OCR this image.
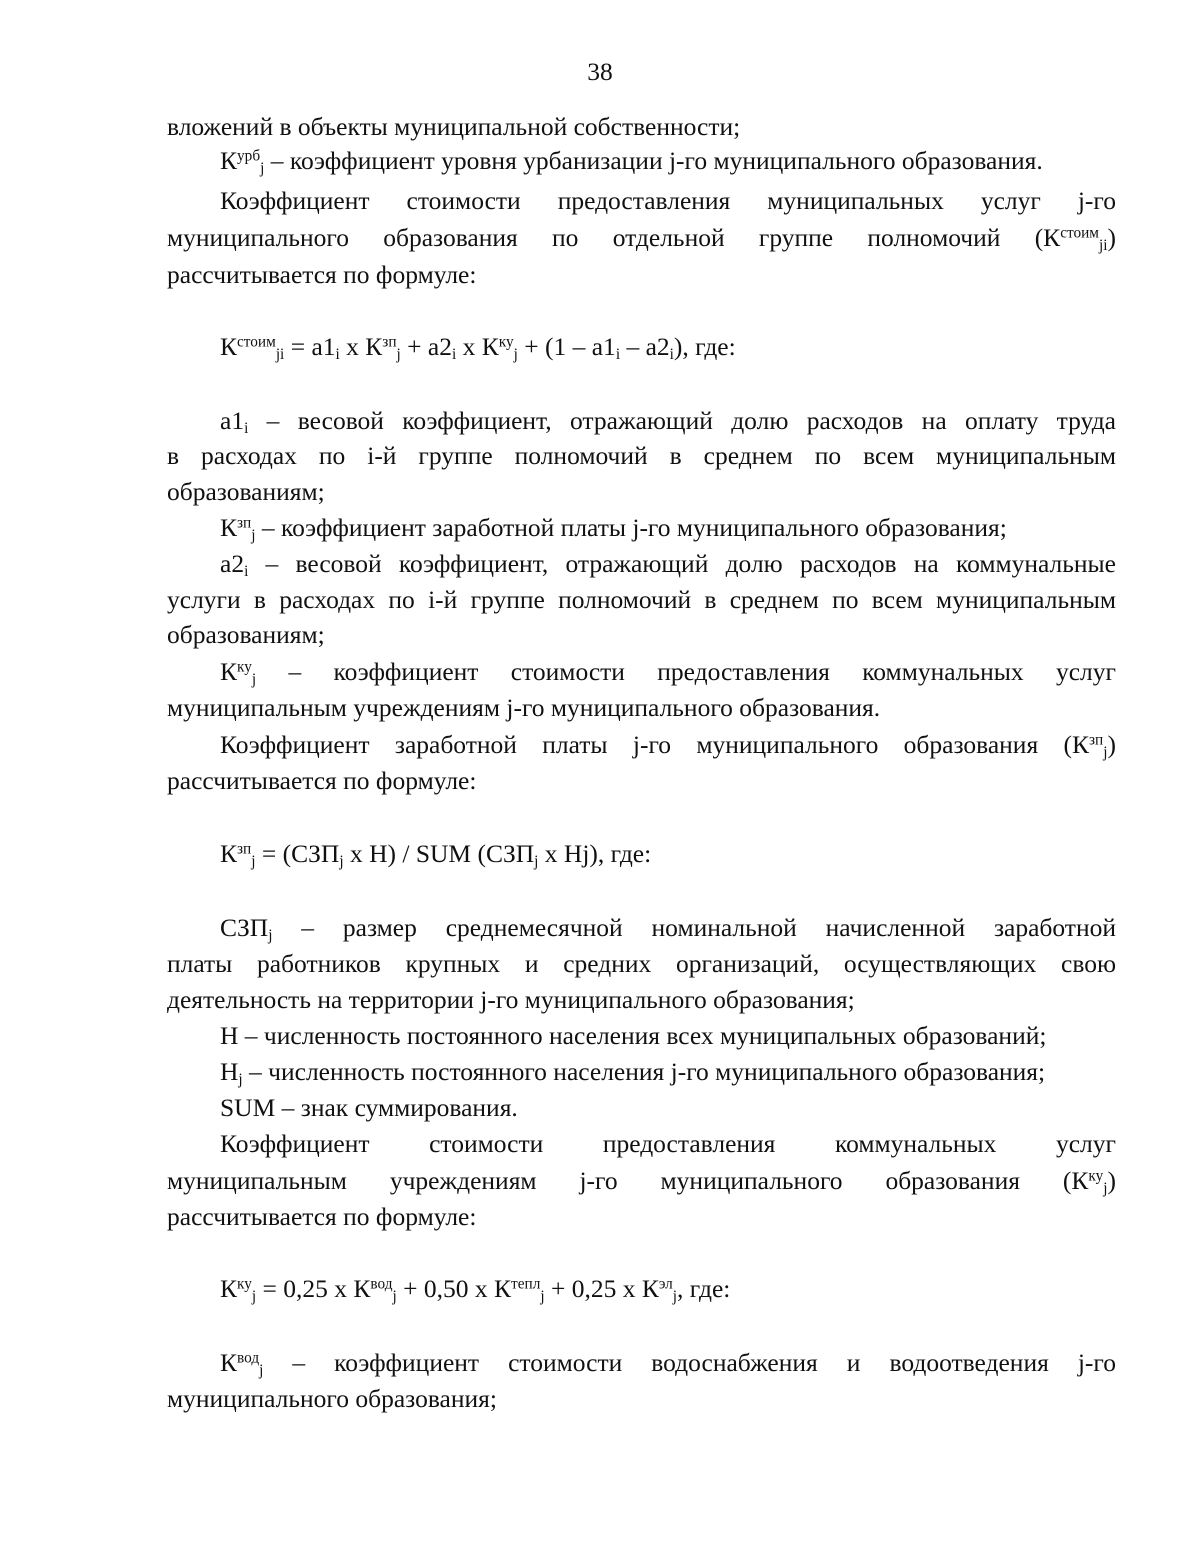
38
вложений в объекты муниципальной собственности;
$К^{урб}_j$ – коэффициент уровня урбанизации j-го муниципального образования.
Коэффициент стоимости предоставления муниципальных услуг j-го
муниципального образования по отдельной группе полномочий $(К^{стоим}_{ji})$
рассчитывается по формуле:
$К^{стоим}_{ji} = a1_i$ x $К^{зп}_j + a2_i$ x $К^{ку}_j + (1 - a1_i - a2_i)$, где:
$a1_i$ – весовой коэффициент, отражающий долю расходов на оплату труда
в расходах по i-й группе полномочий в среднем по всем муниципальным
образованиям;
$К^{зп}_j$ – коэффициент заработной платы j-го муниципального образования;
$a2_i$ – весовой коэффициент, отражающий долю расходов на коммунальные
услуги в расходах по i-й группе полномочий в среднем по всем муниципальным
образованиям;
$К^{ку}_j$ – коэффициент стоимости предоставления коммунальных услуг
муниципальным учреждениям j-го муниципального образования.
Коэффициент заработной платы j-го муниципального образования $(К^{зп}_j)$
рассчитывается по формуле:
$К^{зп}_j = (СЗП_j$ x Н) / SUM ($СЗП_j$ x Нj), где:
$СЗП_j$ – размер среднемесячной номинальной начисленной заработной
платы работников крупных и средних организаций, осуществляющих свою
деятельность на территории j-го муниципального образования;
Н – численность постоянного населения всех муниципальных образований;
$Н_j$ – численность постоянного населения j-го муниципального образования;
SUM – знак суммирования.
Коэффициент стоимости предоставления коммунальных услуг
муниципальным учреждениям j-го муниципального образования $(К^{ку}_j)$
рассчитывается по формуле:
$К^{ку}_j = 0,25$ x $К^{вод}_j + 0,50$ x $К^{тепл}_j + 0,25$ x $К^{эл}_j$, где:
$К^{вод}_j$ – коэффициент стоимости водоснабжения и водоотведения j-го
муниципального образования;
